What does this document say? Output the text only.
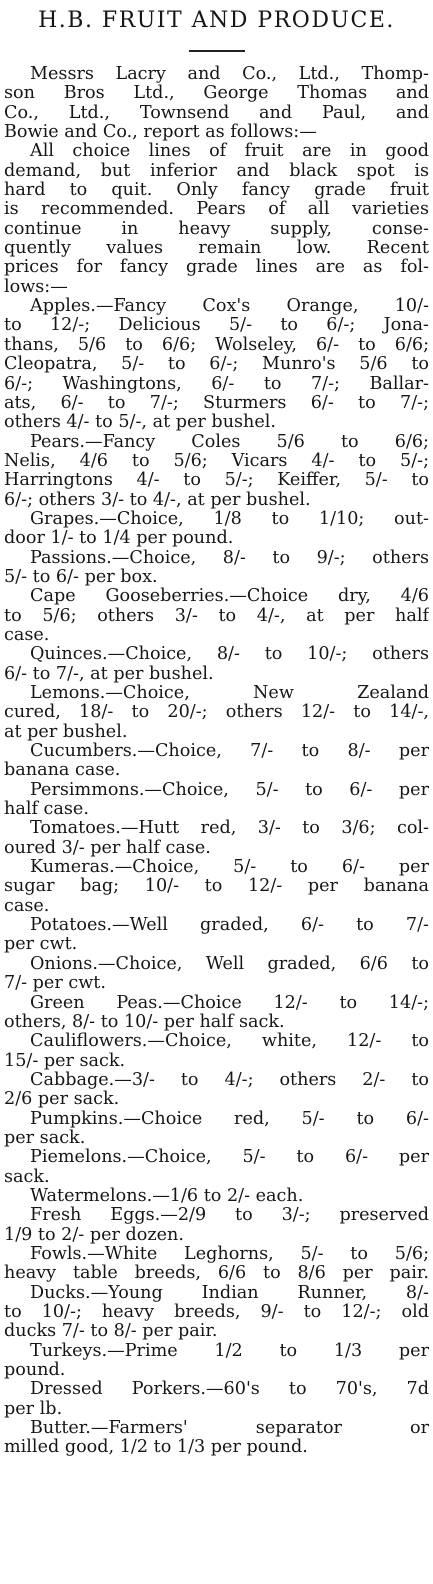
H.B. FRUIT AND PRODUCE.
Messrs Lacry and Co., Ltd., Thomp-
son Bros Ltd., George Thomas and
Co., Ltd., Townsend and Paul, and
Bowie and Co., report as follows:—
All choice lines of fruit are in good
demand, but inferior and black spot is
hard to quit. Only fancy grade fruit
is recommended. Pears of all varieties
continue in heavy supply, conse-
quently values remain low. Recent
prices for fancy grade lines are as fol-
lows:—
Apples.—Fancy Cox's Orange, 10/-
to 12/-; Delicious 5/- to 6/-; Jona-
thans, 5/6 to 6/6; Wolseley, 6/- to 6/6;
Cleopatra, 5/- to 6/-; Munro's 5/6 to
6/-; Washingtons, 6/- to 7/-; Ballar-
ats, 6/- to 7/-; Sturmers 6/- to 7/-;
others 4/- to 5/-, at per bushel.
Pears.—Fancy Coles 5/6 to 6/6;
Nelis, 4/6 to 5/6; Vicars 4/- to 5/-;
Harringtons 4/- to 5/-; Keiffer, 5/- to
6/-; others 3/- to 4/-, at per bushel.
Grapes.—Choice, 1/8 to 1/10; out-
door 1/- to 1/4 per pound.
Passions.—Choice, 8/- to 9/-; others
5/- to 6/- per box.
Cape Gooseberries.—Choice dry, 4/6
to 5/6; others 3/- to 4/-, at per half
case.
Quinces.—Choice, 8/- to 10/-; others
6/- to 7/-, at per bushel.
Lemons.—Choice, New Zealand
cured, 18/- to 20/-; others 12/- to 14/-,
at per bushel.
Cucumbers.—Choice, 7/- to 8/- per
banana case.
Persimmons.—Choice, 5/- to 6/- per
half case.
Tomatoes.—Hutt red, 3/- to 3/6; col-
oured 3/- per half case.
Kumeras.—Choice, 5/- to 6/- per
sugar bag; 10/- to 12/- per banana
case.
Potatoes.—Well graded, 6/- to 7/-
per cwt.
Onions.—Choice, Well graded, 6/6 to
7/- per cwt.
Green Peas.—Choice 12/- to 14/-;
others, 8/- to 10/- per half sack.
Cauliflowers.—Choice, white, 12/- to
15/- per sack.
Cabbage.—3/- to 4/-; others 2/- to
2/6 per sack.
Pumpkins.—Choice red, 5/- to 6/-
per sack.
Piemelons.—Choice, 5/- to 6/- per
sack.
Watermelons.—1/6 to 2/- each.
Fresh Eggs.—2/9 to 3/-; preserved
1/9 to 2/- per dozen.
Fowls.—White Leghorns, 5/- to 5/6;
heavy table breeds, 6/6 to 8/6 per pair.
Ducks.—Young Indian Runner, 8/-
to 10/-; heavy breeds, 9/- to 12/-; old
ducks 7/- to 8/- per pair.
Turkeys.—Prime 1/2 to 1/3 per
pound.
Dressed Porkers.—60's to 70's, 7d
per lb.
Butter.—Farmers' separator or
milled good, 1/2 to 1/3 per pound.
